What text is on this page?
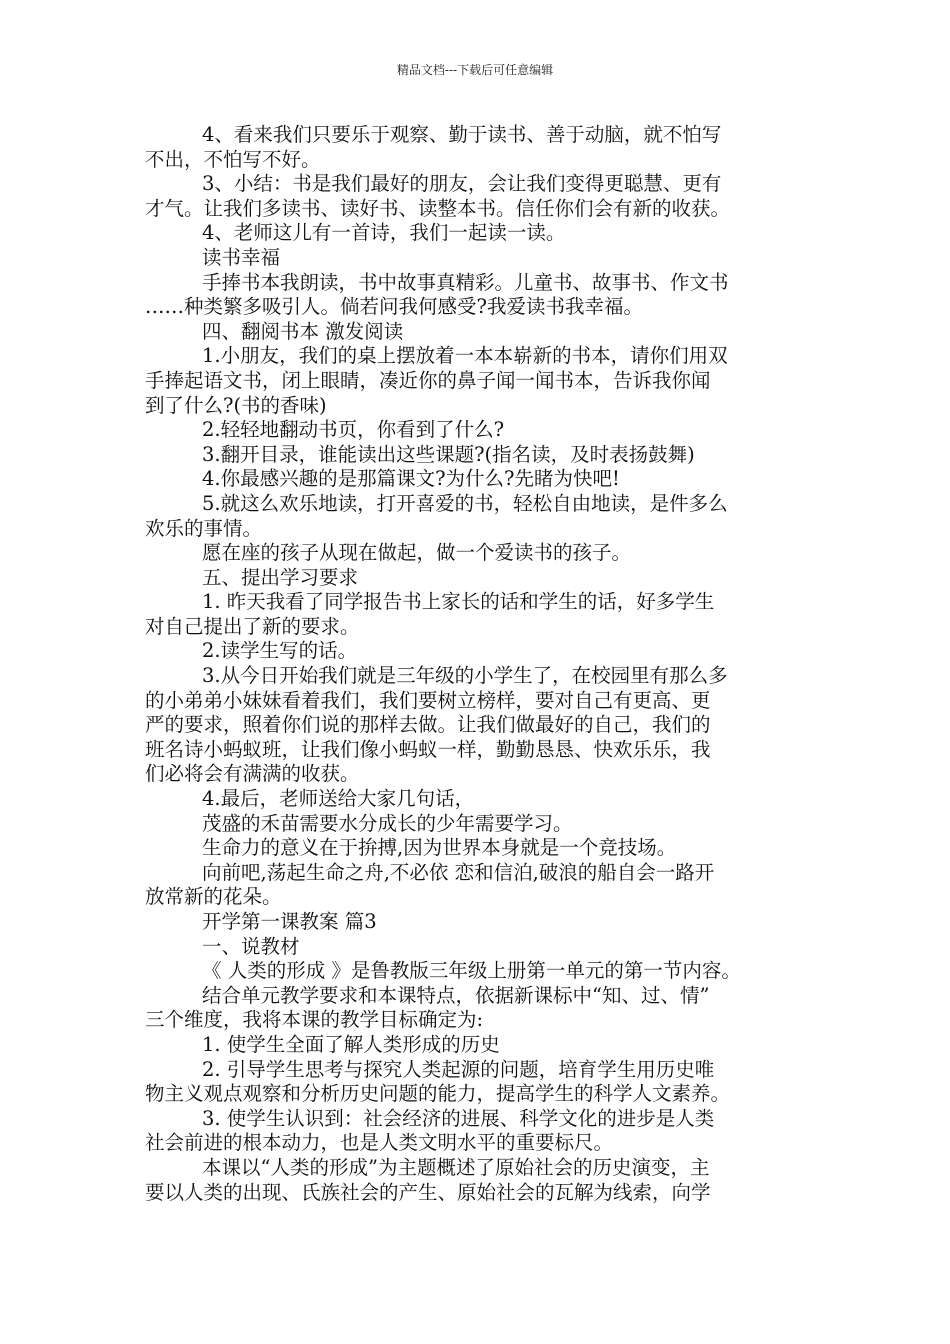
精品文档---下载后可任意编辑
4、看来我们只要乐于观察、勤于读书、善于动脑，就不怕写
不出，不怕写不好。
3、小结：书是我们最好的朋友，会让我们变得更聪慧、更有
才气。让我们多读书、读好书、读整本书。信任你们会有新的收获。
4、老师这儿有一首诗，我们一起读一读。
读书幸福
手捧书本我朗读，书中故事真精彩。儿童书、故事书、作文书
……种类繁多吸引人。倘若问我何感受?我爱读书我幸福。
四、翻阅书本 激发阅读
1.小朋友，我们的桌上摆放着一本本崭新的书本，请你们用双
手捧起语文书，闭上眼睛，凑近你的鼻子闻一闻书本，告诉我你闻
到了什么?(书的香味)
2.轻轻地翻动书页，你看到了什么?
3.翻开目录，谁能读出这些课题?(指名读，及时表扬鼓舞)
4.你最感兴趣的是那篇课文?为什么?先睹为快吧!
5.就这么欢乐地读，打开喜爱的书，轻松自由地读，是件多么
欢乐的事情。
愿在座的孩子从现在做起，做一个爱读书的孩子。
五、提出学习要求
1. 昨天我看了同学报告书上家长的话和学生的话，好多学生
对自己提出了新的要求。
2.读学生写的话。
3.从今日开始我们就是三年级的小学生了，在校园里有那么多
的小弟弟小妹妹看着我们，我们要树立榜样，要对自己有更高、更
严的要求，照着你们说的那样去做。让我们做最好的自己，我们的
班名诗小蚂蚁班，让我们像小蚂蚁一样，勤勤恳恳、快欢乐乐，我
们必将会有满满的收获。
4.最后，老师送给大家几句话，
茂盛的禾苗需要水分成长的少年需要学习。
生命力的意义在于拚搏,因为世界本身就是一个竞技场。
向前吧,荡起生命之舟,不必依 恋和信泊,破浪的船自会一路开
放常新的花朵。
开学第一课教案 篇3
一、说教材
《 人类的形成 》是鲁教版三年级上册第一单元的第一节内容。
结合单元教学要求和本课特点，依据新课标中“知、过、情”
三个维度，我将本课的教学目标确定为:
1. 使学生全面了解人类形成的历史
2. 引导学生思考与探究人类起源的问题，培育学生用历史唯
物主义观点观察和分析历史问题的能力，提高学生的科学人文素养。
3. 使学生认识到：社会经济的进展、科学文化的进步是人类
社会前进的根本动力，也是人类文明水平的重要标尺。
本课以“人类的形成”为主题概述了原始社会的历史演变，主
要以人类的出现、氏族社会的产生、原始社会的瓦解为线索，向学
